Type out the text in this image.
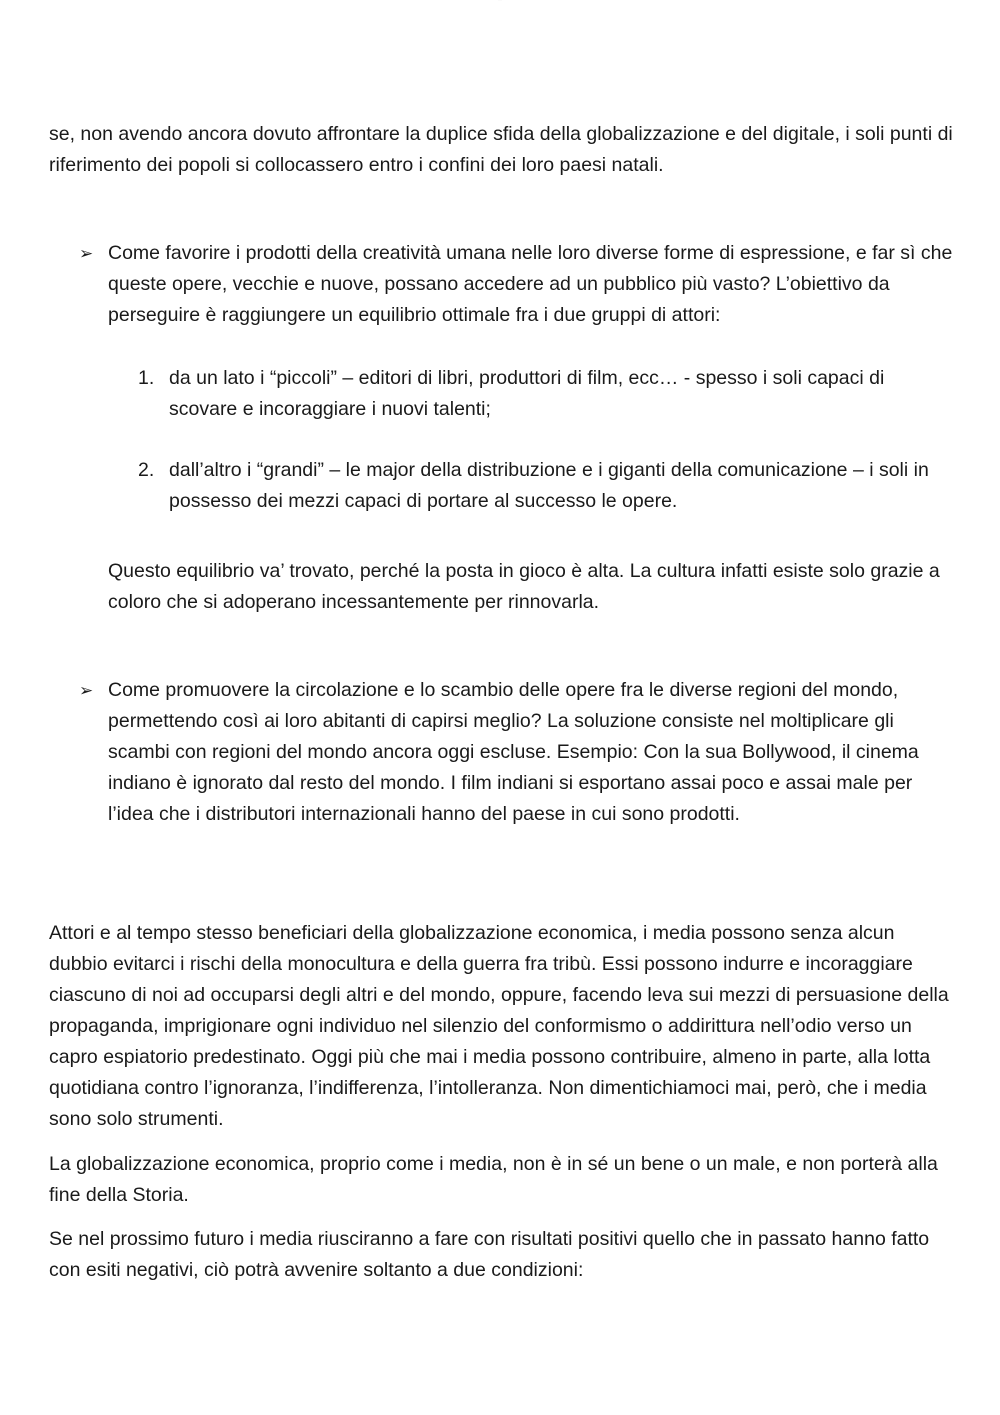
· · · ·

se, non avendo ancora dovuto affrontare la duplice sfida della globalizzazione e del digitale, i soli punti di riferimento dei popoli si collocassero entro i confini dei loro paesi natali.

➢ Come favorire i prodotti della creatività umana nelle loro diverse forme di espressione, e far sì che queste opere, vecchie e nuove, possano accedere ad un pubblico più vasto? L’obiettivo da perseguire è raggiungere un equilibrio ottimale fra i due gruppi di attori:

1. da un lato i “piccoli” – editori di libri, produttori di film, ecc… - spesso i soli capaci di scovare e incoraggiare i nuovi talenti;

2. dall’altro i “grandi” – le major della distribuzione e i giganti della comunicazione – i soli in possesso dei mezzi capaci di portare al successo le opere.

Questo equilibrio va’ trovato, perché la posta in gioco è alta. La cultura infatti esiste solo grazie a coloro che si adoperano incessantemente per rinnovarla.

➢ Come promuovere la circolazione e lo scambio delle opere fra le diverse regioni del mondo, permettendo così ai loro abitanti di capirsi meglio? La soluzione consiste nel moltiplicare gli scambi con regioni del mondo ancora oggi escluse. Esempio: Con la sua Bollywood, il cinema indiano è ignorato dal resto del mondo. I film indiani si esportano assai poco e assai male per l’idea che i distributori internazionali hanno del paese in cui sono prodotti.

Attori e al tempo stesso beneficiari della globalizzazione economica, i media possono senza alcun dubbio evitarci i rischi della monocultura e della guerra fra tribù. Essi possono indurre e incoraggiare ciascuno di noi ad occuparsi degli altri e del mondo, oppure, facendo leva sui mezzi di persuasione della propaganda, imprigionare ogni individuo nel silenzio del conformismo o addirittura nell’odio verso un capro espiatorio predestinato. Oggi più che mai i media possono contribuire, almeno in parte, alla lotta quotidiana contro l’ignoranza, l’indifferenza, l’intolleranza. Non dimentichiamoci mai, però, che i media sono solo strumenti.

La globalizzazione economica, proprio come i media, non è in sé un bene o un male, e non porterà alla fine della Storia.

Se nel prossimo futuro i media riusciranno a fare con risultati positivi quello che in passato hanno fatto con esiti negativi, ciò potrà avvenire soltanto a due condizioni:
